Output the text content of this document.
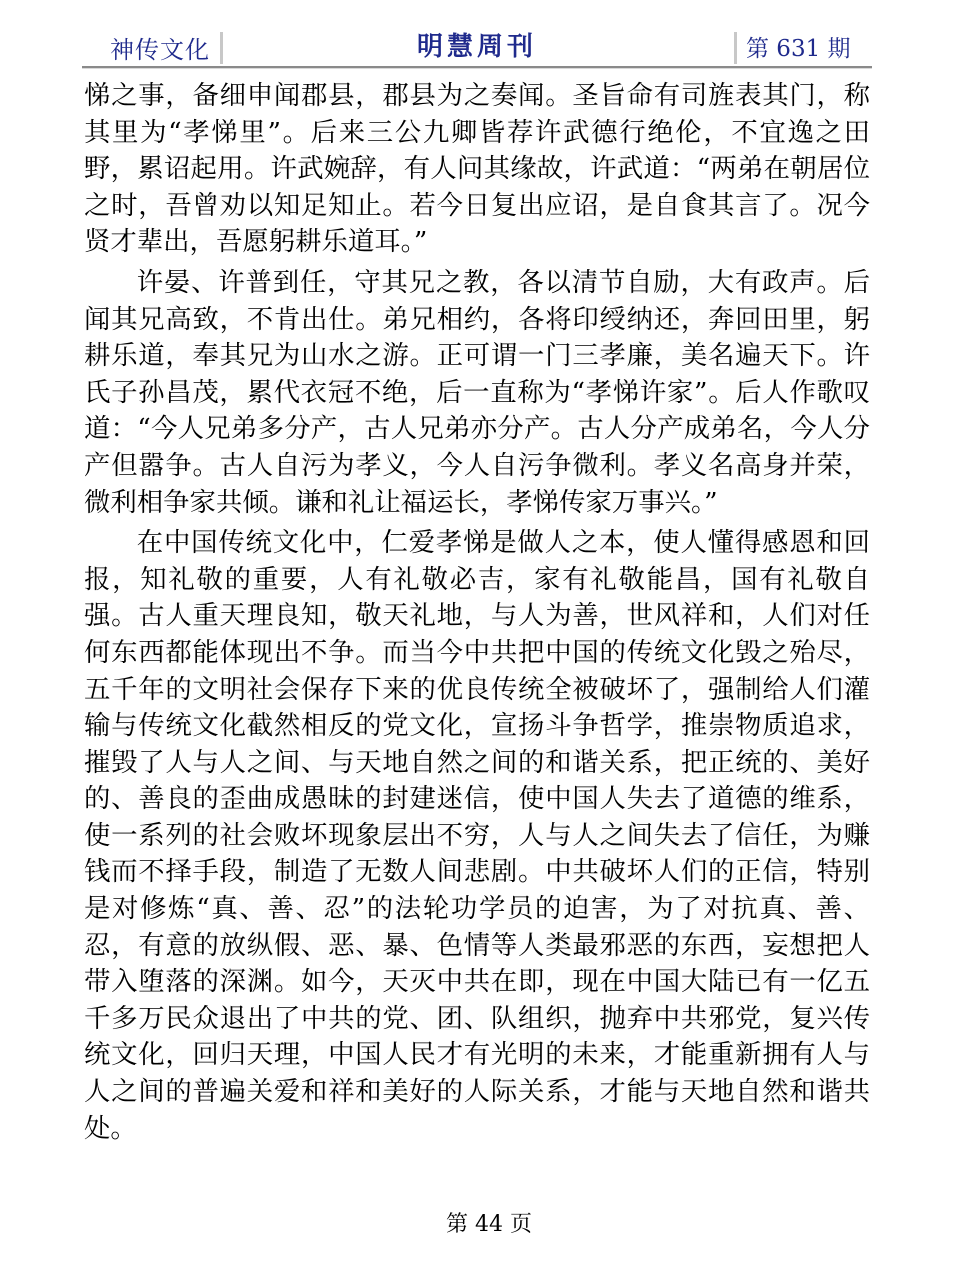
神传文化	明慧周刊	第 631 期

悌之事，备细申闻郡县，郡县为之奏闻。圣旨命有司旌表其门，称其里为“孝悌里”。后来三公九卿皆荐许武德行绝伦，不宜逸之田野，累诏起用。许武婉辞，有人问其缘故，许武道：“两弟在朝居位之时，吾曾劝以知足知止。若今日复出应诏，是自食其言了。况今贤才辈出，吾愿躬耕乐道耳。”

许晏、许普到任，守其兄之教，各以清节自励，大有政声。后闻其兄高致，不肯出仕。弟兄相约，各将印绶纳还，奔回田里，躬耕乐道，奉其兄为山水之游。正可谓一门三孝廉，美名遍天下。许氏子孙昌茂，累代衣冠不绝，后一直称为“孝悌许家”。后人作歌叹道：“今人兄弟多分产，古人兄弟亦分产。古人分产成弟名，今人分产但嚣争。古人自污为孝义，今人自污争微利。孝义名高身并荣，微利相争家共倾。谦和礼让福运长，孝悌传家万事兴。”

在中国传统文化中，仁爱孝悌是做人之本，使人懂得感恩和回报，知礼敬的重要，人有礼敬必吉，家有礼敬能昌，国有礼敬自强。古人重天理良知，敬天礼地，与人为善，世风祥和，人们对任何东西都能体现出不争。而当今中共把中国的传统文化毁之殆尽，五千年的文明社会保存下来的优良传统全被破坏了，强制给人们灌输与传统文化截然相反的党文化，宣扬斗争哲学，推崇物质追求，摧毁了人与人之间、与天地自然之间的和谐关系，把正统的、美好的、善良的歪曲成愚昧的封建迷信，使中国人失去了道德的维系，使一系列的社会败坏现象层出不穷，人与人之间失去了信任，为赚钱而不择手段，制造了无数人间悲剧。中共破坏人们的正信，特别是对修炼“真、善、忍”的法轮功学员的迫害，为了对抗真、善、忍，有意的放纵假、恶、暴、色情等人类最邪恶的东西，妄想把人带入堕落的深渊。如今，天灭中共在即，现在中国大陆已有一亿五千多万民众退出了中共的党、团、队组织，抛弃中共邪党，复兴传统文化，回归天理，中国人民才有光明的未来，才能重新拥有人与人之间的普遍关爱和祥和美好的人际关系，才能与天地自然和谐共处。

第 44 页
